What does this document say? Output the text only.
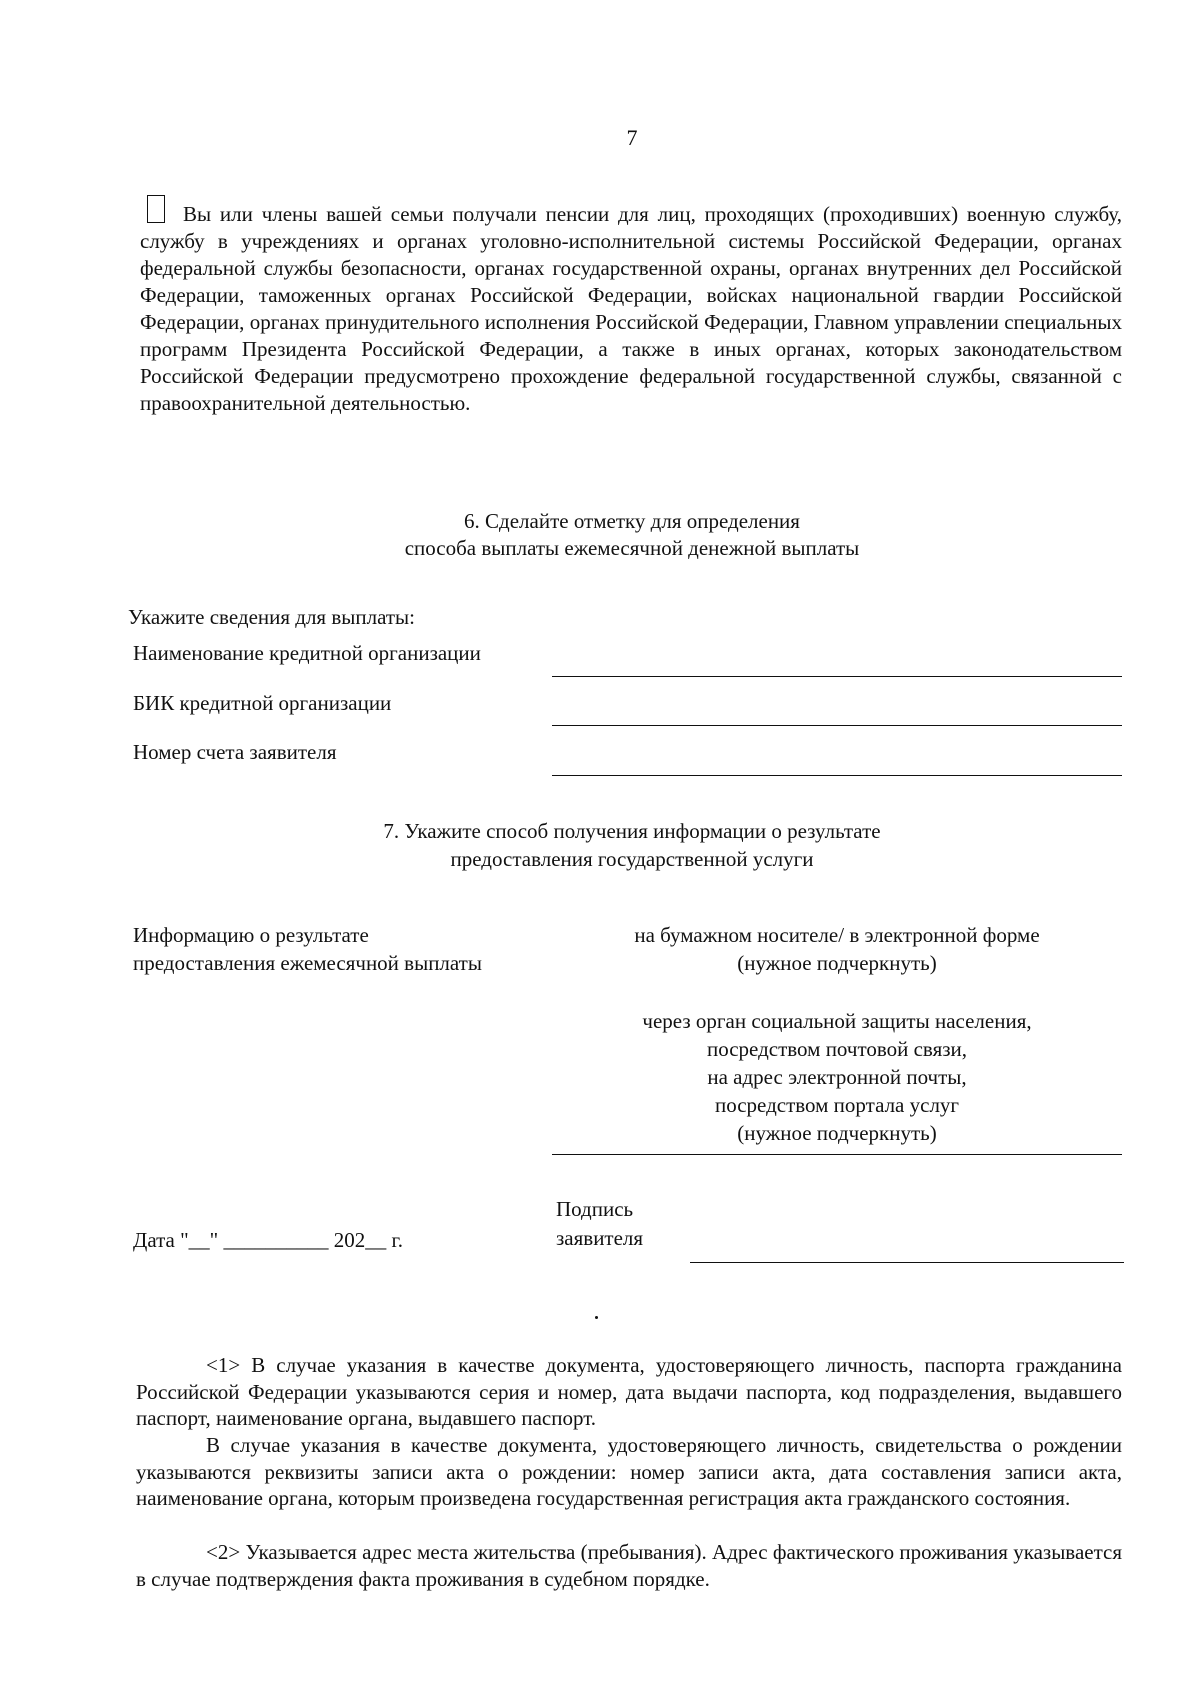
7
Вы или члены вашей семьи получали пенсии для лиц, проходящих (проходивших) военную службу, службу в учреждениях и органах уголовно-исполнительной системы Российской Федерации, органах федеральной службы безопасности, органах государственной охраны, органах внутренних дел Российской Федерации, таможенных органах Российской Федерации, войсках национальной гвардии Российской Федерации, органах принудительного исполнения Российской Федерации, Главном управлении специальных программ Президента Российской Федерации, а также в иных органах, которых законодательством Российской Федерации предусмотрено прохождение федеральной государственной службы, связанной с правоохранительной деятельностью.
6. Сделайте отметку для определения
способа выплаты ежемесячной денежной выплаты
Укажите сведения для выплаты:
Наименование кредитной организации
БИК кредитной организации
Номер счета заявителя
7. Укажите способ получения информации о результате
предоставления государственной услуги
Информацию о результате
предоставления ежемесячной выплаты
на бумажном носителе/ в электронной форме
(нужное подчеркнуть)
через орган социальной защиты населения,
посредством почтовой связи,
на адрес электронной почты,
посредством портала услуг
(нужное подчеркнуть)
Подпись
заявителя
Дата "__" __________ 202__ г.
<1> В случае указания в качестве документа, удостоверяющего личность, паспорта гражданина Российской Федерации указываются серия и номер, дата выдачи паспорта, код подразделения, выдавшего паспорт, наименование органа, выдавшего паспорт.
В случае указания в качестве документа, удостоверяющего личность, свидетельства о рождении указываются реквизиты записи акта о рождении: номер записи акта, дата составления записи акта, наименование органа, которым произведена государственная регистрация акта гражданского состояния.
<2> Указывается адрес места жительства (пребывания). Адрес фактического проживания указывается в случае подтверждения факта проживания в судебном порядке.
